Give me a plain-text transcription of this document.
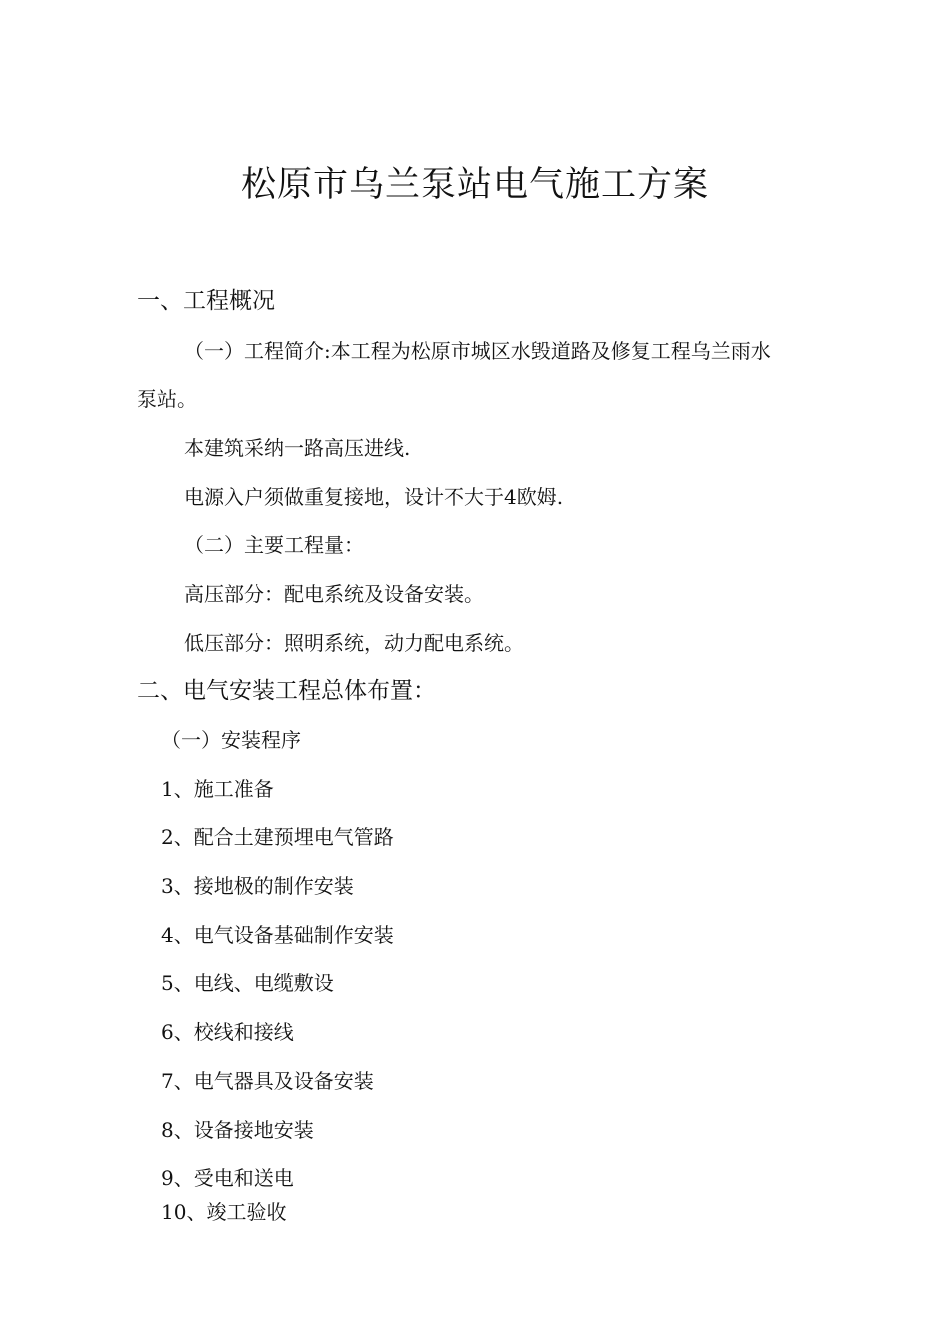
松原市乌兰泵站电气施工方案
一、工程概况
（一）工程简介:本工程为松原市城区水毁道路及修复工程乌兰雨水
泵站。
本建筑采纳一路高压进线.
电源入户须做重复接地，设计不大于4欧姆.
（二）主要工程量：
高压部分：配电系统及设备安装。
低压部分：照明系统，动力配电系统。
二、电气安装工程总体布置：
（一）安装程序
1、施工准备
2、配合土建预埋电气管路
3、接地极的制作安装
4、电气设备基础制作安装
5、电线、电缆敷设
6、校线和接线
7、电气器具及设备安装
8、设备接地安装
9、受电和送电
10、竣工验收
